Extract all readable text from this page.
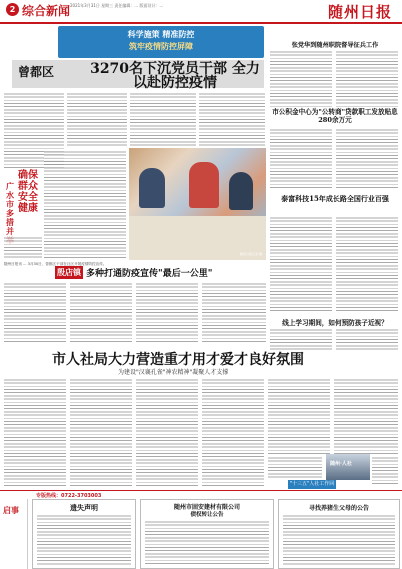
2 综合新闻 2021年3月31日 星期三 责任编辑：... 版面设计：...	随州日报
科学施策 精准防控
筑牢疫情防控屏障
曾都区	3270名下沉党员干部 全力以赴防控疫情
确保群众安全健康
广水市多措并
随州日报记者 摄
随州日报讯 ... 3月30日，曾都区干部在社区开展疫情防控宣传。
张党华到随州职院督导征兵工作
市公积金中心为"公转商"贷款职工发放贴息280余万元
泰富科技15年成长路全国行业百强
线上学习期间，如何预防孩子近视？
殷店镇 多种打通防疫宣传"最后一公里"
市人社局大力营造重才用才爱才良好氛围
为建设"汉襄孔雀"神农精神"凝聚人才支撑
随州·人社
"十三五"人社工作回顾
专版热线：0722-3703003
启事	遗失声明	随州市固安建材有限公司
债权转让公告
寻找养猪生父母的公告
